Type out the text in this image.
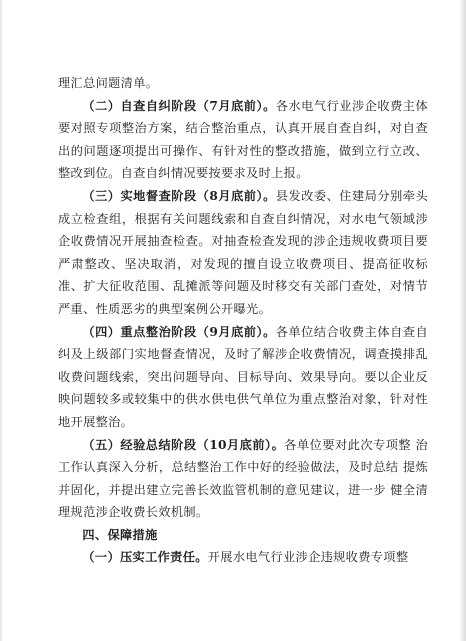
理汇总问题清单。

（二）自查自纠阶段（7月底前）。各水电气行业涉企收费主体要对照专项整治方案，结合整治重点，认真开展自查自纠，对自查出的问题逐项提出可操作、有针对性的整改措施，做到立行立改、整改到位。自查自纠情况要按要求及时上报。

（三）实地督查阶段（8月底前）。县发改委、住建局分别牵头成立检查组，根据有关问题线索和自查自纠情况，对水电气领域涉企收费情况开展抽查检查。对抽查检查发现的涉企违规收费项目要严肃整改、坚决取消，对发现的擅自设立收费项目、提高征收标准、扩大征收范围、乱摊派等问题及时移交有关部门查处，对情节严重、性质恶劣的典型案例公开曝光。

（四）重点整治阶段（9月底前）。各单位结合收费主体自查自纠及上级部门实地督查情况，及时了解涉企收费情况，调查摸排乱收费问题线索，突出问题导向、目标导向、效果导向。要以企业反映问题较多或较集中的供水供电供气单位为重点整治对象，针对性地开展整治。

（五）经验总结阶段（10月底前）。各单位要对此次专项整 治工作认真深入分析，总结整治工作中好的经验做法，及时总结 提炼并固化，并提出建立完善长效监管机制的意见建议，进一步 健全清理规范涉企收费长效机制。

四、保障措施

（一）压实工作责任。开展水电气行业涉企违规收费专项整
